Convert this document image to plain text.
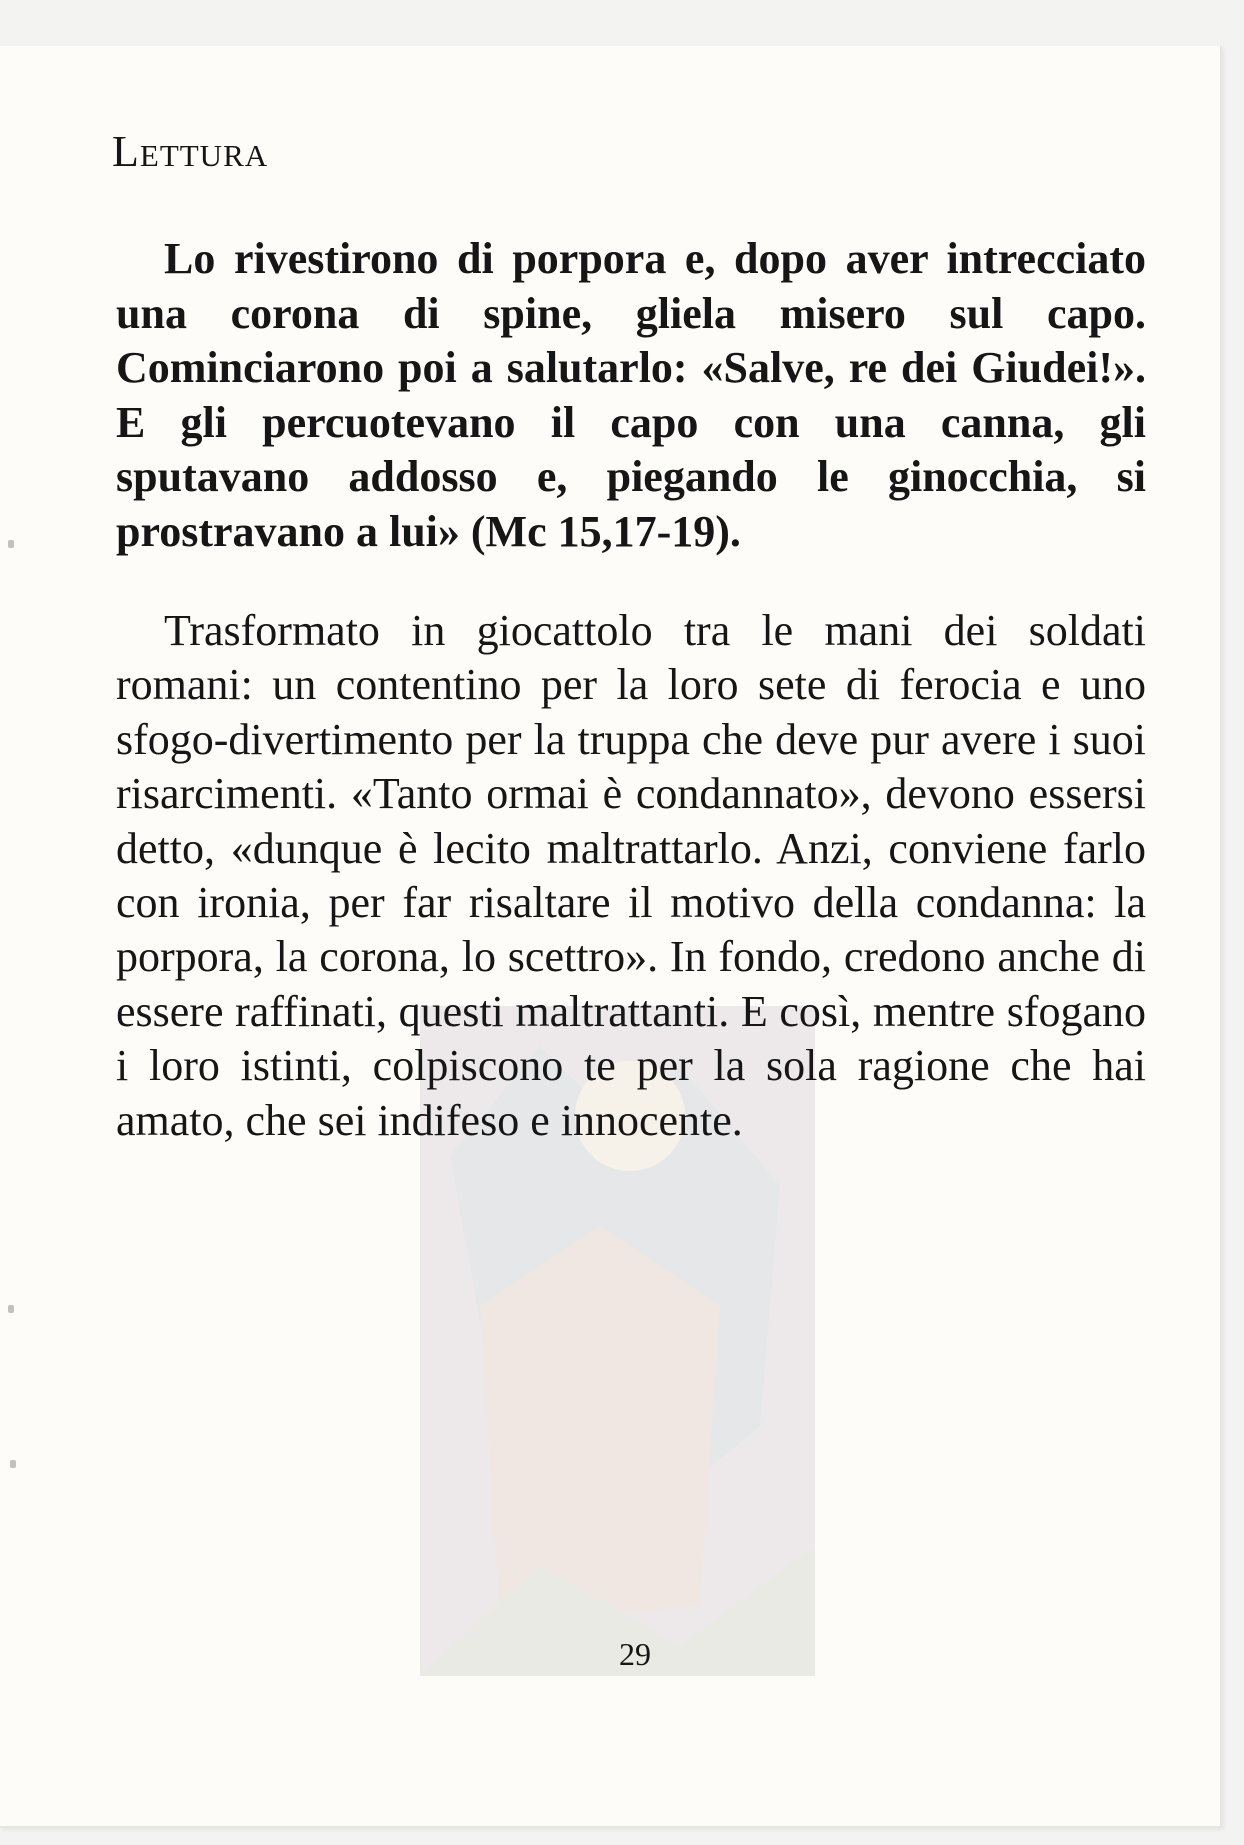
Lettura

Lo rivestirono di porpora e, dopo aver intrecciato una corona di spine, gliela misero sul capo. Cominciarono poi a salutarlo: «Salve, re dei Giudei!». E gli percuotevano il capo con una canna, gli sputavano addosso e, piegando le ginocchia, si prostravano a lui» (Mc 15,17-19).

Trasformato in giocattolo tra le mani dei soldati romani: un contentino per la loro sete di ferocia e uno sfogo-divertimento per la truppa che deve pur avere i suoi risarcimenti. «Tanto ormai è condannato», devono essersi detto, «dunque è lecito maltrattarlo. Anzi, conviene farlo con ironia, per far risaltare il motivo della condanna: la porpora, la corona, lo scettro». In fondo, credono anche di essere raffinati, questi maltrattanti. E così, mentre sfogano i loro istinti, colpiscono te per la sola ragione che hai amato, che sei indifeso e innocente.

29
